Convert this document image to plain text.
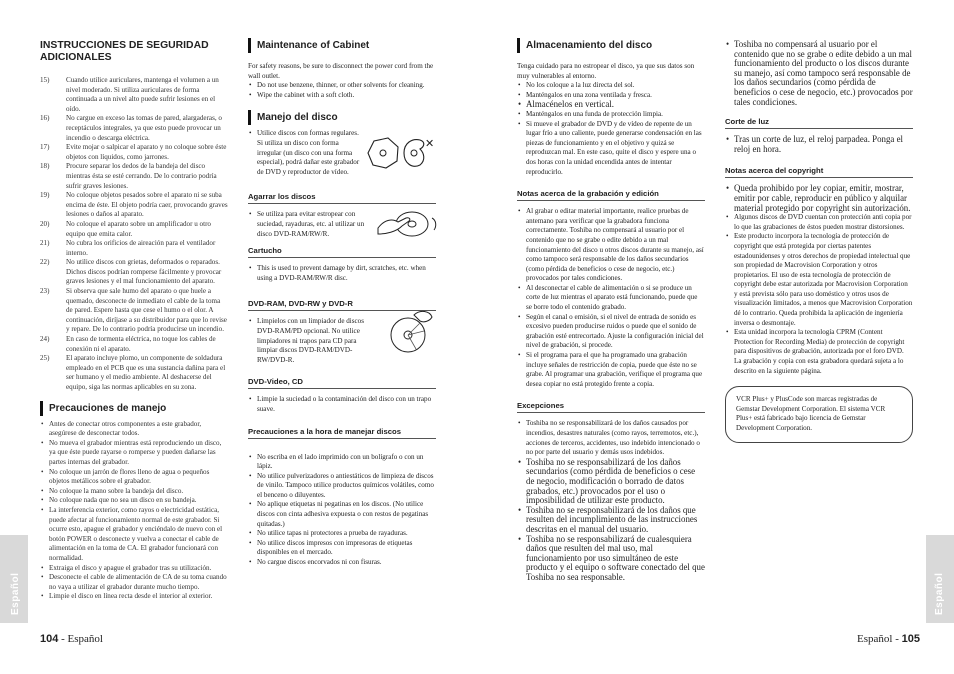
INSTRUCCIONES DE SEGURIDAD ADICIONALES
15) Cuando utilice auriculares, mantenga el volumen a un nivel moderado. Si utiliza auriculares de forma continuada a un nivel alto puede sufrir lesiones en el oído.
16) No cargue en exceso las tomas de pared, alargaderas, o receptáculos integrales, ya que esto puede provocar un incendio o descarga eléctrica.
17) Evite mojar o salpicar el aparato y no coloque sobre éste objetos con líquidos, como jarrones.
18) Procure separar los dedos de la bandeja del disco mientras ésta se esté cerrando. De lo contrario podría sufrir graves lesiones.
19) No coloque objetos pesados sobre el aparato ni se suba encima de éste. El objeto podría caer, provocando graves lesiones o daños al aparato.
20) No coloque el aparato sobre un amplificador u otro equipo que emita calor.
21) No cubra los orificios de aireación para el ventilador interno.
22) No utilice discos con grietas, deformados o reparados. Dichos discos podrían romperse fácilmente y provocar graves lesiones y el mal funcionamiento del aparato.
23) Si observa que sale humo del aparato o que huele a quemado, desconecte de inmediato el cable de la toma de pared. Espere hasta que cese el humo o el olor. A continuación, diríjase a su distribuidor para que lo revise y repare. De lo contrario podría producirse un incendio.
24) En caso de tormenta eléctrica, no toque los cables de conexión ni el aparato.
25) El aparato incluye plomo, un componente de soldadura empleado en el PCB que es una sustancia dañina para el ser humano y el medio ambiente. Al deshacerse del equipo, siga las normas aplicables en su zona.
Precauciones de manejo
• Antes de conectar otros componentes a este grabador, asegúrese de desconectar todos.
• No mueva el grabador mientras está reproduciendo un disco, ya que éste puede rayarse o romperse y pueden dañarse las partes internas del grabador.
• No coloque un jarrón de flores lleno de agua o pequeños objetos metálicos sobre el grabador.
• No coloque la mano sobre la bandeja del disco.
• No coloque nada que no sea un disco en su bandeja.
• La interferencia exterior, como rayos o electricidad estática, puede afectar al funcionamiento normal de este grabador. Si ocurre esto, apague el grabador y enciéndalo de nuevo con el botón POWER o desconecte y vuelva a conectar el cable de alimentación en la toma de CA. El grabador funcionará con normalidad.
• Extraiga el disco y apague el grabador tras su utilización.
• Desconecte el cable de alimentación de CA de su toma cuando no vaya a utilizar el grabador durante mucho tiempo.
• Limpie el disco en línea recta desde el interior al exterior.
Español
104 - Español
Maintenance of Cabinet
For safety reasons, be sure to disconnect the power cord from the wall outlet.
• Do not use benzene, thinner, or other solvents for cleaning.
• Wipe the cabinet with a soft cloth.
Manejo del disco
• Utilice discos con formas regulares. Si utiliza un disco con forma irregular (un disco con una forma especial), podrá dañar este grabador de DVD y reproductor de vídeo.
✕
Agarrar los discos
• Se utiliza para evitar estropear con suciedad, rayaduras, etc. al utilizar un disco DVD-RAM/RW/R.
Cartucho
• This is used to prevent damage by dirt, scratches, etc. when using a DVD-RAM/RW/R disc.
DVD-RAM, DVD-RW y DVD-R
• Límpielos con un limpiador de discos DVD-RAM/PD opcional. No utilice limpiadores ni trapos para CD para limpiar discos DVD-RAM/DVD-RW/DVD-R.
DVD-Video, CD
• Limpie la suciedad o la contaminación del disco con un trapo suave.
Precauciones a la hora de manejar discos
• No escriba en el lado imprimido con un bolígrafo o con un lápiz.
• No utilice pulverizadores o antiestáticos de limpieza de discos de vinilo. Tampoco utilice productos químicos volátiles, como el benceno o diluyentes.
• No aplique etiquetas ni pegatinas en los discos. (No utilice discos con cinta adhesiva expuesta o con restos de pegatinas quitadas.)
• No utilice tapas ni protectores a prueba de rayaduras.
• No utilice discos impresos con impresoras de etiquetas disponibles en el mercado.
• No cargue discos encorvados ni con fisuras.
Almacenamiento del disco
Tenga cuidado para no estropear el disco, ya que sus datos son muy vulnerables al entorno.
• No los coloque a la luz directa del sol.
• Manténgalos en una zona ventilada y fresca.
• Almacénelos en vertical.
• Manténgalos en una funda de protección limpia.
• Si mueve el grabador de DVD y de vídeo de repente de un lugar frío a uno caliente, puede generarse condensación en las piezas de funcionamiento y en el objetivo y quizá se reproduzcan mal. En este caso, quite el disco y espere una o dos horas con la unidad encendida antes de intentar reproducirlo.
Notas acerca de la grabación y edición
• Al grabar o editar material importante, realice pruebas de antemano para verificar que la grabadora funciona correctamente. Toshiba no compensará al usuario por el contenido que no se grabe o edite debido a un mal funcionamiento del disco u otros discos durante su manejo, así como tampoco será responsable de los daños secundarios (como pérdida de beneficios o cese de negocio, etc.) provocados por tales condiciones.
• Al desconectar el cable de alimentación o si se produce un corte de luz mientras el aparato está funcionando, puede que se borre todo el contenido grabado.
• Según el canal o emisión, si el nivel de entrada de sonido es excesivo pueden producirse ruidos o puede que el sonido de grabación esté entrecortado. Ajuste la configuración inicial del nivel de grabación, si procede.
• Si el programa para el que ha programado una grabación incluye señales de restricción de copia, puede que éste no se grabe. Al programar una grabación, verifique el programa que desea copiar no está protegido frente a copia.
Excepciones
• Toshiba no se responsabilizará de los daños causados por incendios, desastres naturales (como rayos, terremotos, etc.), acciones de terceros, accidentes, uso indebido intencionado o no por parte del usuario y demás usos indebidos.
• Toshiba no se responsabilizará de los daños secundarios (como pérdida de beneficios o cese de negocio, modificación o borrado de datos grabados, etc.) provocados por el uso o imposibilidad de utilizar este producto.
• Toshiba no se responsabilizará de los daños que resulten del incumplimiento de las instrucciones descritas en el manual del usuario.
• Toshiba no se responsabilizará de cualesquiera daños que resulten del mal uso, mal funcionamiento por uso simultáneo de este producto y el equipo o software conectado del que Toshiba no sea responsable.
• Toshiba no compensará al usuario por el contenido que no se grabe o edite debido a un mal funcionamiento del producto o los discos durante su manejo, así como tampoco será responsable de los daños secundarios (como pérdida de beneficios o cese de negocio, etc.) provocados por tales condiciones.
Corte de luz
• Tras un corte de luz, el reloj parpadea. Ponga el reloj en hora.
Notas acerca del copyright
• Queda prohibido por ley copiar, emitir, mostrar, emitir por cable, reproducir en público y alquilar material protegido por copyright sin autorización.
• Algunos discos de DVD cuentan con protección anti copia por lo que las grabaciones de éstos pueden mostrar distorsiones.
• Este producto incorpora la tecnología de protección de copyright que está protegida por ciertas patentes estadounidenses y otros derechos de propiedad intelectual que son propiedad de Macrovision Corporation y otros propietarios. El uso de esta tecnología de protección de copyright debe estar autorizada por Macrovision Corporation y está prevista sólo para uso doméstico y otros usos de visualización limitados, a menos que Macrovision Corporation dé lo contrario. Queda prohibida la aplicación de ingeniería inversa o desmontaje.
• Esta unidad incorpora la tecnología CPRM (Content Protection for Recording Media) de protección de copyright para dispositivos de grabación, autorizada por el foro DVD. La grabación y copia con esta grabadora quedará sujeta a lo descrito en la siguiente página.
VCR Plus+ y PlusCode son marcas registradas de Gemstar Development Corporation. El sistema VCR Plus+ está fabricado bajo licencia de Gemstar Development Corporation.
Español
Español - 105
